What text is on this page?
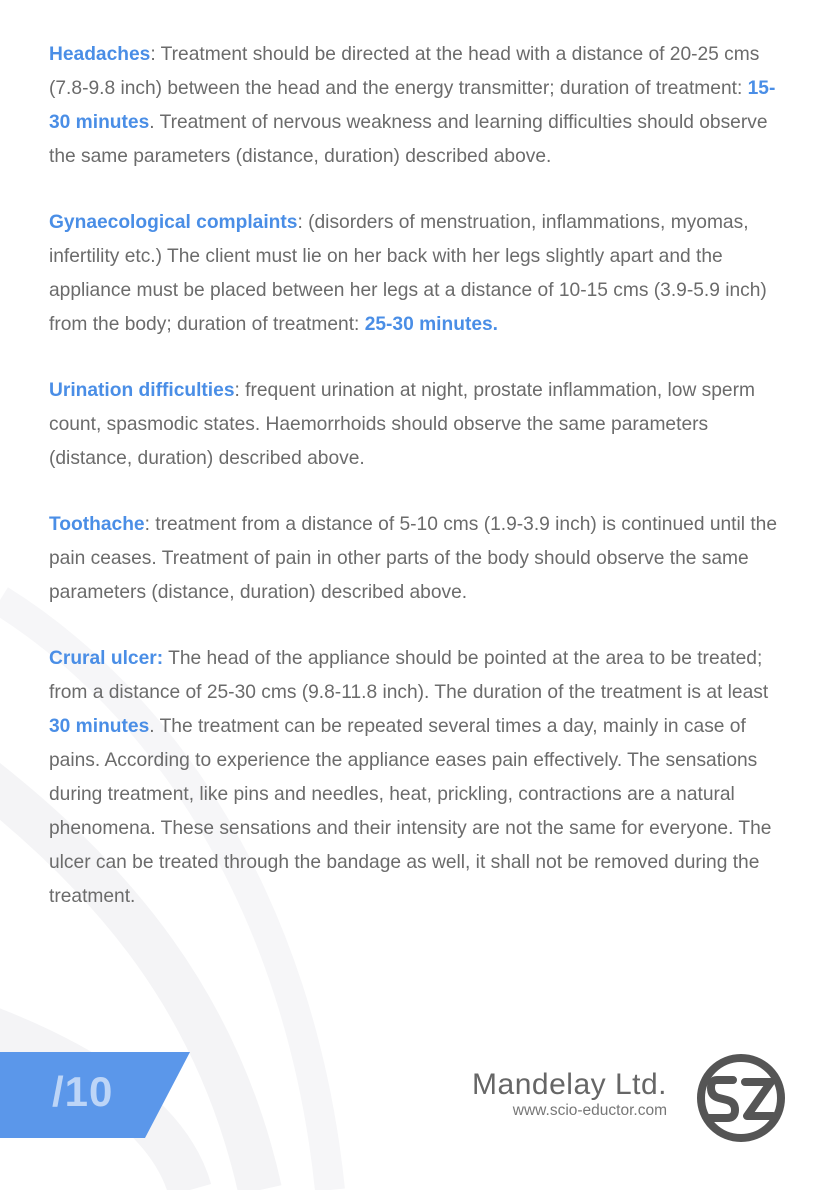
Headaches: Treatment should be directed at the head with a distance of 20-25 cms (7.8-9.8 inch) between the head and the energy transmitter; duration of treatment: 15- 30 minutes. Treatment of nervous weakness and learning difficulties should observe the same parameters (distance, duration) described above.

Gynaecological complaints: (disorders of menstruation, inflammations, myomas, infertility etc.) The client must lie on her back with her legs slightly apart and the appliance must be placed between her legs at a distance of 10-15 cms (3.9-5.9 inch) from the body; duration of treatment: 25-30 minutes.

Urination difficulties: frequent urination at night, prostate inflammation, low sperm count, spasmodic states. Haemorrhoids should observe the same parameters (distance, duration) described above.

Toothache: treatment from a distance of 5-10 cms (1.9-3.9 inch) is continued until the pain ceases. Treatment of pain in other parts of the body should observe the same parameters (distance, duration) described above.

Crural ulcer: The head of the appliance should be pointed at the area to be treated; from a distance of 25-30 cms (9.8-11.8 inch). The duration of the treatment is at least 30 minutes. The treatment can be repeated several times a day, mainly in case of pains. According to experience the appliance eases pain effectively. The sensations during treatment, like pins and needles, heat, prickling, contractions are a natural phenomena. These sensations and their intensity are not the same for everyone. The ulcer can be treated through the bandage as well, it shall not be removed during the treatment.

/10	Mandelay Ltd.
www.scio-eductor.com
